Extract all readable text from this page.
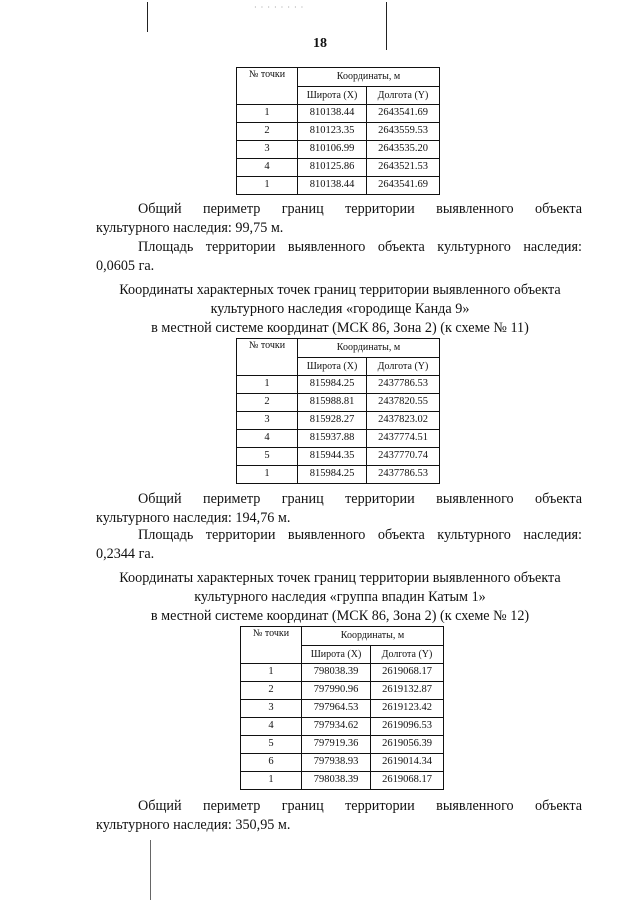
· · · · · · · ·
18
№ точки	Координаты, м	
	Широта (X)	Долгота (Y)
1	810138.44	2643541.69
2	810123.35	2643559.53
3	810106.99	2643535.20
4	810125.86	2643521.53
1	810138.44	2643541.69
Общий периметр границ территории выявленного объекта
культурного наследия: 99,75 м.
Площадь территории выявленного объекта культурного наследия:
0,0605 га.
Координаты характерных точек границ территории выявленного объекта
культурного наследия «городище Канда 9»
в местной системе координат (МСК 86, Зона 2) (к схеме № 11)
№ точки	Координаты, м	
	Широта (X)	Долгота (Y)
1	815984.25	2437786.53
2	815988.81	2437820.55
3	815928.27	2437823.02
4	815937.88	2437774.51
5	815944.35	2437770.74
1	815984.25	2437786.53
Общий периметр границ территории выявленного объекта
культурного наследия: 194,76 м.
Площадь территории выявленного объекта культурного наследия:
0,2344 га.
Координаты характерных точек границ территории выявленного объекта
культурного наследия «группа впадин Катым 1»
в местной системе координат (МСК 86, Зона 2) (к схеме № 12)
№ точки	Координаты, м	
	Широта (X)	Долгота (Y)
1	798038.39	2619068.17
2	797990.96	2619132.87
3	797964.53	2619123.42
4	797934.62	2619096.53
5	797919.36	2619056.39
6	797938.93	2619014.34
1	798038.39	2619068.17
Общий периметр границ территории выявленного объекта
культурного наследия: 350,95 м.
